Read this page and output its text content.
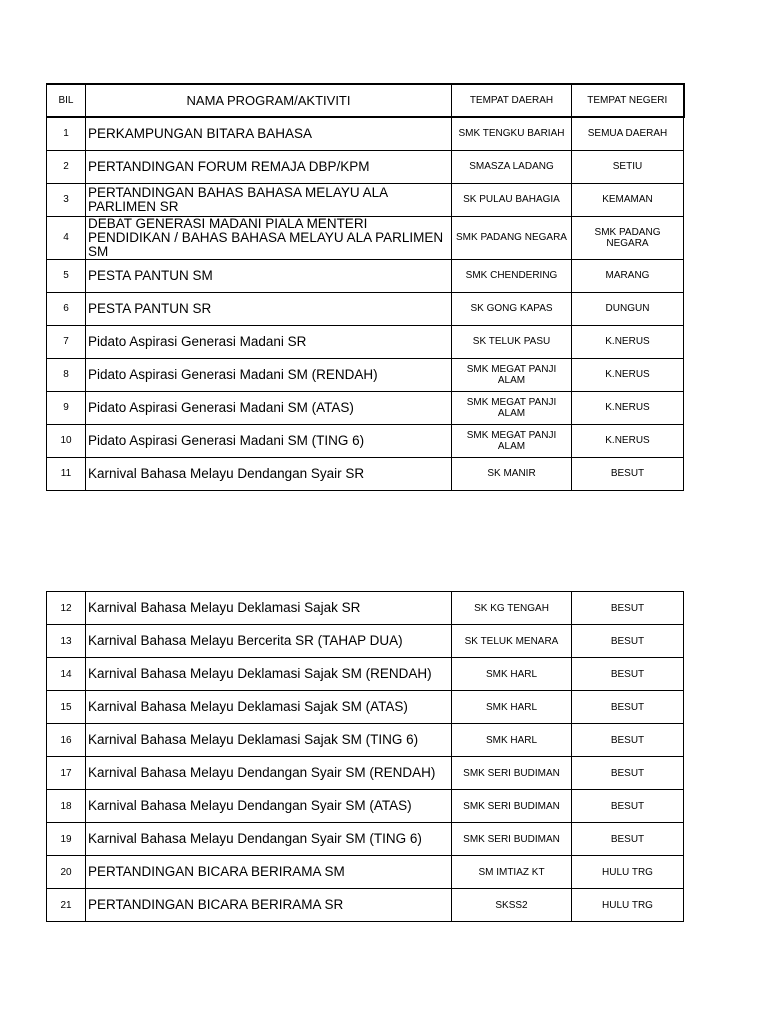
BIL	NAMA PROGRAM/AKTIVITI	TEMPAT DAERAH	TEMPAT NEGERI
1	PERKAMPUNGAN BITARA BAHASA	SMK TENGKU BARIAH	SEMUA DAERAH
2	PERTANDINGAN FORUM REMAJA DBP/KPM	SMASZA LADANG	SETIU
3	PERTANDINGAN BAHAS BAHASA MELAYU ALA PARLIMEN SR	SK PULAU BAHAGIA	KEMAMAN
4	DEBAT GENERASI MADANI PIALA MENTERI PENDIDIKAN / BAHAS BAHASA MELAYU ALA PARLIMEN SM	SMK PADANG NEGARA	SMK PADANG NEGARA
5	PESTA PANTUN SM	SMK CHENDERING	MARANG
6	PESTA PANTUN SR	SK GONG KAPAS	DUNGUN
7	Pidato Aspirasi Generasi Madani SR	SK TELUK PASU	K.NERUS
8	Pidato Aspirasi Generasi Madani SM (RENDAH)	SMK MEGAT PANJI ALAM	K.NERUS
9	Pidato Aspirasi Generasi Madani SM (ATAS)	SMK MEGAT PANJI ALAM	K.NERUS
10	Pidato Aspirasi Generasi Madani SM (TING 6)	SMK MEGAT PANJI ALAM	K.NERUS
11	Karnival Bahasa Melayu Dendangan Syair SR	SK MANIR	BESUT
12	Karnival Bahasa Melayu Deklamasi Sajak SR	SK KG TENGAH	BESUT
13	Karnival Bahasa Melayu Bercerita SR (TAHAP DUA)	SK TELUK MENARA	BESUT
14	Karnival Bahasa Melayu Deklamasi Sajak SM (RENDAH)	SMK HARL	BESUT
15	Karnival Bahasa Melayu Deklamasi Sajak SM (ATAS)	SMK HARL	BESUT
16	Karnival Bahasa Melayu Deklamasi Sajak SM (TING 6)	SMK HARL	BESUT
17	Karnival Bahasa Melayu Dendangan Syair SM (RENDAH)	SMK SERI BUDIMAN	BESUT
18	Karnival Bahasa Melayu Dendangan Syair SM (ATAS)	SMK SERI BUDIMAN	BESUT
19	Karnival Bahasa Melayu Dendangan Syair SM (TING 6)	SMK SERI BUDIMAN	BESUT
20	PERTANDINGAN BICARA BERIRAMA SM	SM IMTIAZ KT	HULU TRG
21	PERTANDINGAN BICARA BERIRAMA SR	SKSS2	HULU TRG
